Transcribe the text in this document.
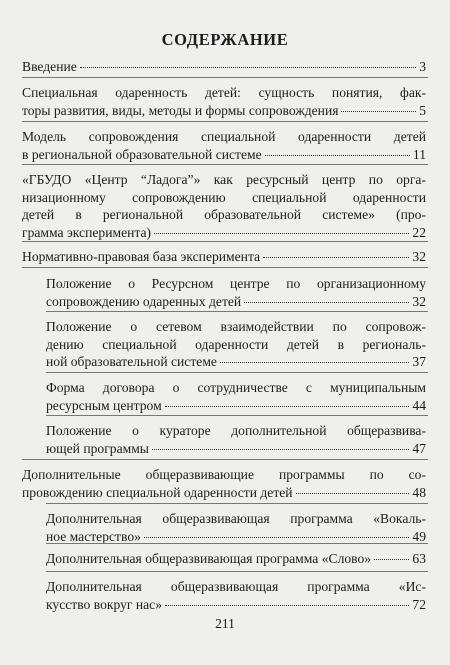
СОДЕРЖАНИЕ
211
Введение	3
Специальная одаренность детей: сущность понятия, фак-
торы развития, виды, методы и формы сопровождения	5
Модель сопровождения специальной одаренности детей
в региональной образовательной системе	11
«ГБУДО «Центр “Ладога”» как ресурсный центр по орга-
низационному сопровождению специальной одаренности
детей в региональной образовательной системе» (про-
грамма эксперимента)	22
Нормативно-правовая база эксперимента	32
Положение о Ресурсном центре по организационному
сопровождению одаренных детей	32
Положение о сетевом взаимодействии по сопровож-
дению специальной одаренности детей в региональ-
ной образовательной системе	37
Форма договора о сотрудничестве с муниципальным
ресурсным центром	44
Положение о кураторе дополнительной общеразвива-
ющей программы	47
Дополнительные общеразвивающие программы по со-
провождению специальной одаренности детей	48
Дополнительная общеразвивающая программа «Вокаль-
ное мастерство»	49
Дополнительная общеразвивающая программа «Слово»	63
Дополнительная общеразвивающая программа «Ис-
кусство вокруг нас»	72
